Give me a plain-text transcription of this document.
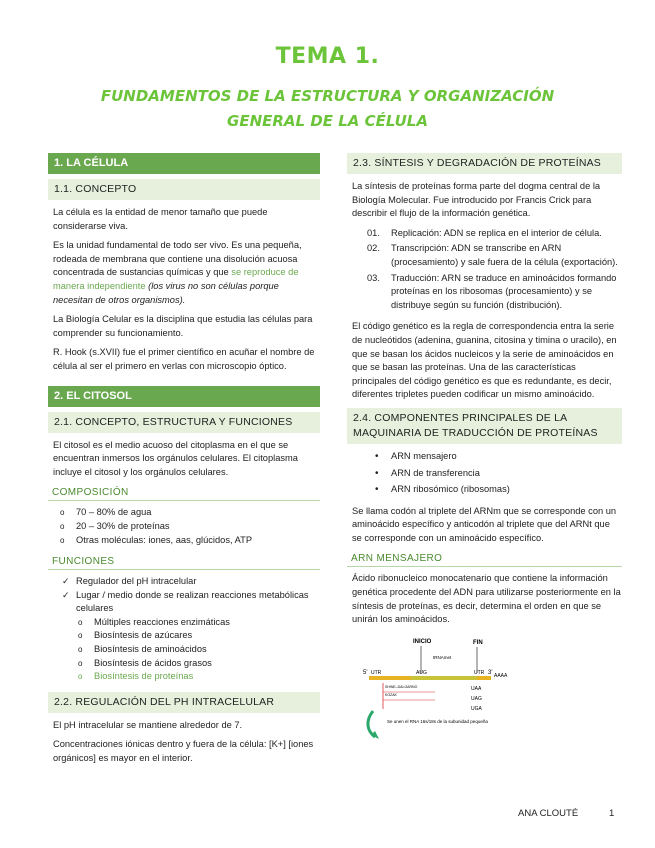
TEMA 1.
FUNDAMENTOS DE LA ESTRUCTURA Y ORGANIZACIÓN GENERAL DE LA CÉLULA
1. LA CÉLULA
1.1. CONCEPTO

La célula es la entidad de menor tamaño que puede considerarse viva.

Es la unidad fundamental de todo ser vivo. Es una pequeña, rodeada de membrana que contiene una disolución acuosa concentrada de sustancias químicas y que se reproduce de manera independiente (los virus no son células porque necesitan de otros organismos).

La Biología Celular es la disciplina que estudia las células para comprender su funcionamiento.

R. Hook (s.XVII) fue el primer científico en acuñar el nombre de célula al ser el primero en verlas con microscopio óptico.

2. EL CITOSOL
2.1. CONCEPTO, ESTRUCTURA Y FUNCIONES

El citosol es el medio acuoso del citoplasma en el que se encuentran inmersos los orgánulos celulares. El citoplasma incluye el citosol y los orgánulos celulares.

COMPOSICIÓN
o 70 – 80% de agua
o 20 – 30% de proteínas
o Otras moléculas: iones, aas, glúcidos, ATP
FUNCIONES
✓ Regulador del pH intracelular
✓ Lugar / medio donde se realizan reacciones metabólicas celulares
o Múltiples reacciones enzimáticas
o Biosíntesis de azúcares
o Biosíntesis de aminoácidos
o Biosíntesis de ácidos grasos
o Biosíntesis de proteínas
2.2. REGULACIÓN DEL PH INTRACELULAR

El pH intracelular se mantiene alrededor de 7.

Concentraciones iónicas dentro y fuera de la célula: [K+] [iones orgánicos] es mayor en el interior.

2.3. SÍNTESIS Y DEGRADACIÓN DE PROTEÍNAS

La síntesis de proteínas forma parte del dogma central de la Biología Molecular. Fue introducido por Francis Crick para describir el flujo de la información genética.

01. Replicación: ADN se replica en el interior de célula.
02. Transcripción: ADN se transcribe en ARN (procesamiento) y sale fuera de la célula (exportación).
03. Traducción: ARN se traduce en aminoácidos formando proteínas en los ribosomas (procesamiento) y se distribuye según su función (distribución).

El código genético es la regla de correspondencia entra la serie de nucleótidos (adenina, guanina, citosina y timina o uracilo), en que se basan los ácidos nucleicos y la serie de aminoácidos en que se basan las proteínas. Una de las características principales del código genético es que es redundante, es decir, diferentes tripletes pueden codificar un mismo aminoácido.

2.4. COMPONENTES PRINCIPALES DE LA MAQUINARIA DE TRADUCCIÓN DE PROTEÍNAS
• ARN mensajero
• ARN de transferencia
• ARN ribosómico (ribosomas)

Se llama codón al triplete del ARNm que se corresponde con un aminoácido específico y anticodón al triplete que del ARNt que se corresponde con un aminoácido específico.

ARN MENSAJERO

Ácido ribonucleico monocatenario que contiene la información genética procedente del ADN para utilizarse posteriormente en la síntesis de proteínas, es decir, determina el orden en que se unirán los aminoácidos.

INICIO	FIN
tRNAmet
5' UTR	AUG	UTR 3' AAAA
SHINE–DALGARNO
KOZAK
UAA
UAG
UGA
Se unen el RNA 16s/18s de la subunidad pequeña
ANA CLOUTÉ	1
